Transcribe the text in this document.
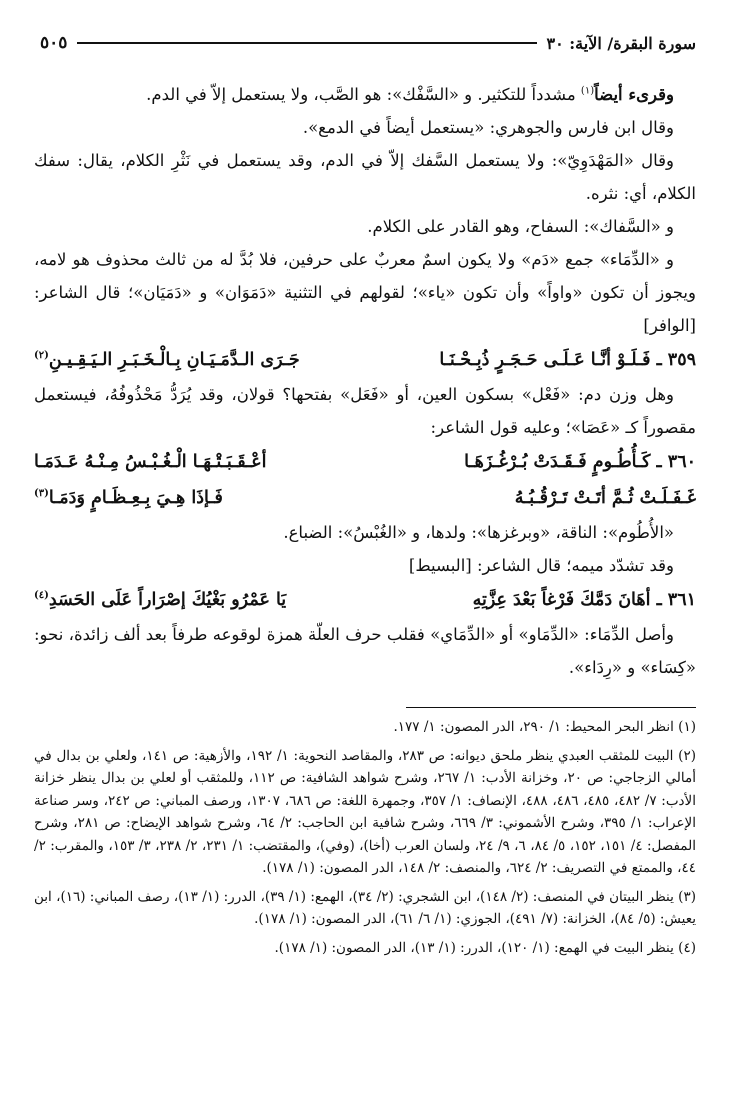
سورة البقرة/ الآية: ٣٠
٥٠٥

وقرىء أيضاً$^{(١)}$ مشدداً للتكثير. و «السَّفْك»: هو الصَّب، ولا يستعمل إلاّ في الدم.

وقال ابن فارس والجوهري: «يستعمل أيضاً في الدمع».

وقال «المَهْدَوِيّ»: ولا يستعمل السَّفك إلاّ في الدم، وقد يستعمل في نَثْرِ الكلام، يقال: سفك الكلام، أي: نثره.

و «السَّفاك»: السفاح، وهو القادر على الكلام.

و «الدِّمَاء» جمع «دَم» ولا يكون اسمٌ معربٌ على حرفين، فلا بُدَّ له من ثالث محذوف هو لامه، ويجوز أن تكون «واواً» وأن تكون «ياء»؛ لقولهم في التثنية «دَمَوَان» و «دَمَيَان»؛ قال الشاعر: [الوافر]

٣٥٩ ـ فَـلَـوْ أنَّـا عَـلَـى حَـجَـرٍ ذُبِـحْـنَـا
جَـرَى الـدَّمَـيَـانِ بِـالْـخَـبَـرِ الـيَـقِـيـنِ$^{(٢)}$

وهل وزن دم: «فَعْل» بسكون العين، أو «فَعَل» بفتحها؟ قولان، وقد يُرَدُّ مَحْذُوفُهُ، فيستعمل مقصوراً كـ «عَصَا»؛ وعليه قول الشاعر:

٣٦٠ ـ كَـأُطُـومٍ فَـقَـدَتْ بُـرْغُـزَهَـا
أعْـقَـبَـتْـهَـا الْـغُـبْـسُ مِـنْـهُ عَـدَمَـا
غَـفَـلَـتْ ثُـمَّ أتَـتْ تَـرْقُـبُـهُ
فَـإذَا هِـيَ بِـعِـظَـامٍ وَدَمَـا$^{(٣)}$

«الأُطُوم»: الناقة، «وبرغزها»: ولدها، و «الغُبْسُ»: الضباع.

وقد تشدّد ميمه؛ قال الشاعر: [البسيط]

٣٦١ ـ أهَانَ دَمَّكَ فَرْغاً بَعْدَ عِزَّتِهِ
يَا عَمْرُو بَغْيُكَ إصْرَاراً عَلَى الحَسَدِ$^{(٤)}$

وأصل الدِّمَاء: «الدِّمَاو» أو «الدِّمَاي» فقلب حرف العلّة همزة لوقوعه طرفاً بعد ألف زائدة، نحو: «كِسَاء» و «رِدَاء».

(١) انظر البحر المحيط: ١/ ٢٩٠، الدر المصون: ١/ ١٧٧.

(٢) البيت للمثقب العبدي ينظر ملحق ديوانه: ص ٢٨٣، والمقاصد النحوية: ١/ ١٩٢، والأزهية: ص ١٤١، ولعلي بن بدال في أمالي الزجاجي: ص ٢٠، وخزانة الأدب: ١/ ٢٦٧، وشرح شواهد الشافية: ص ١١٢، وللمثقب أو لعلي بن بدال ينظر خزانة الأدب: ٧/ ٤٨٢، ٤٨٥، ٤٨٦، ٤٨٨، الإنصاف: ١/ ٣٥٧، وجمهرة اللغة: ص ٦٨٦، ١٣٠٧، ورصف المباني: ص ٢٤٢، وسر صناعة الإعراب: ١/ ٣٩٥، وشرح الأشموني: ٣/ ٦٦٩، وشرح شافية ابن الحاجب: ٢/ ٦٤، وشرح شواهد الإيضاح: ص ٢٨١، وشرح المفصل: ٤/ ١٥١، ١٥٢، ٥/ ٨٤، ٦، ٩/ ٢٤، ولسان العرب (أخا)، (وفي)، والمقتضب: ١/ ٢٣١، ٢/ ٢٣٨، ٣/ ١٥٣، والمقرب: ٢/ ٤٤، والممتع في التصريف: ٢/ ٦٢٤، والمنصف: ٢/ ١٤٨، الدر المصون: (١/ ١٧٨).

(٣) ينظر البيتان في المنصف: (٢/ ١٤٨)، ابن الشجري: (٢/ ٣٤)، الهمع: (١/ ٣٩)، الدرر: (١/ ١٣)، رصف المباني: (١٦)، ابن يعيش: (٥/ ٨٤)، الخزانة: (٧/ ٤٩١)، الجوزي: (١/ ٦/ ٦١)، الدر المصون: (١/ ١٧٨).

(٤) ينظر البيت في الهمع: (١/ ١٢٠)، الدرر: (١/ ١٣)، الدر المصون: (١/ ١٧٨).
